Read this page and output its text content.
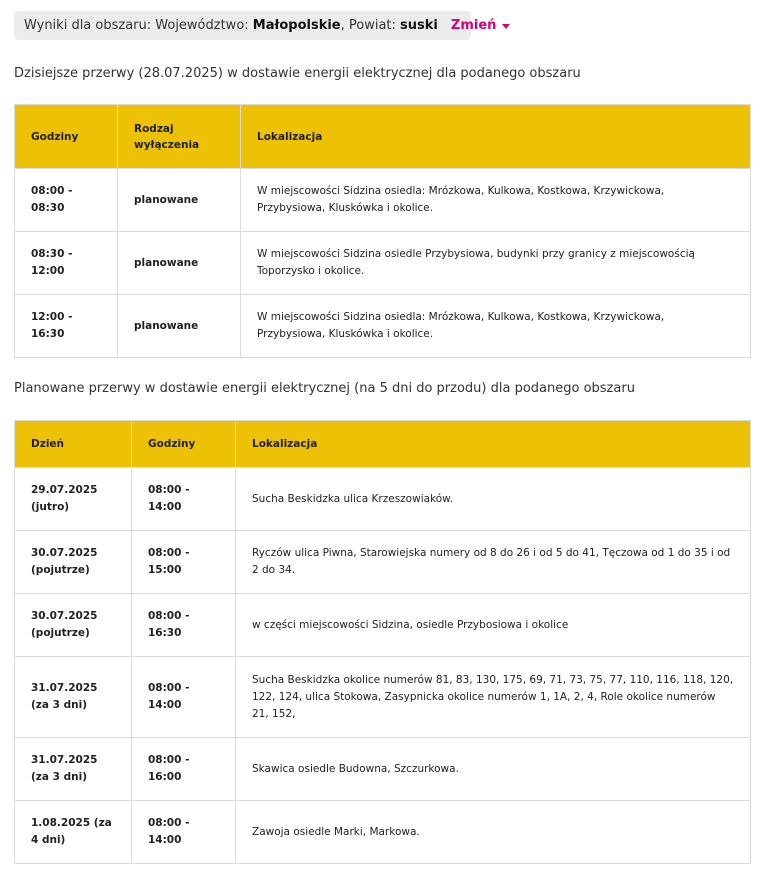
Wyniki dla obszaru: Województwo: Małopolskie , Powiat: suski Zmień
Dzisiejsze przerwy (28.07.2025) w dostawie energii elektrycznej dla podanego obszaru
Godziny	Rodzaj wyłączenia	Lokalizacja
08:00 - 08:30	planowane	W miejscowości Sidzina osiedla: Mrózkowa, Kulkowa, Kostkowa, Krzywickowa, Przybysiowa, Kluskówka i okolice.
08:30 - 12:00	planowane	W miejscowości Sidzina osiedle Przybysiowa, budynki przy granicy z miejscowością Toporzysko i okolice.
12:00 - 16:30	planowane	W miejscowości Sidzina osiedla: Mrózkowa, Kulkowa, Kostkowa, Krzywickowa, Przybysiowa, Kluskówka i okolice.
Planowane przerwy w dostawie energii elektrycznej (na 5 dni do przodu) dla podanego obszaru
Dzień	Godziny	Lokalizacja
29.07.2025 (jutro)	08:00 - 14:00	Sucha Beskidzka ulica Krzeszowiaków.
30.07.2025 (pojutrze)	08:00 - 15:00	Ryczów ulica Piwna, Starowiejska numery od 8 do 26 i od 5 do 41, Tęczowa od 1 do 35 i od 2 do 34.
30.07.2025 (pojutrze)	08:00 - 16:30	w części miejscowości Sidzina, osiedle Przybosiowa i okolice
31.07.2025 (za 3 dni)	08:00 - 14:00	Sucha Beskidzka okolice numerów 81, 83, 130, 175, 69, 71, 73, 75, 77, 110, 116, 118, 120, 122, 124, ulica Stokowa, Zasypnicka okolice numerów 1, 1A, 2, 4, Role okolice numerów 21, 152,
31.07.2025 (za 3 dni)	08:00 - 16:00	Skawica osiedle Budowna, Szczurkowa.
1.08.2025 (za 4 dni)	08:00 - 14:00	Zawoja osiedle Marki, Markowa.
